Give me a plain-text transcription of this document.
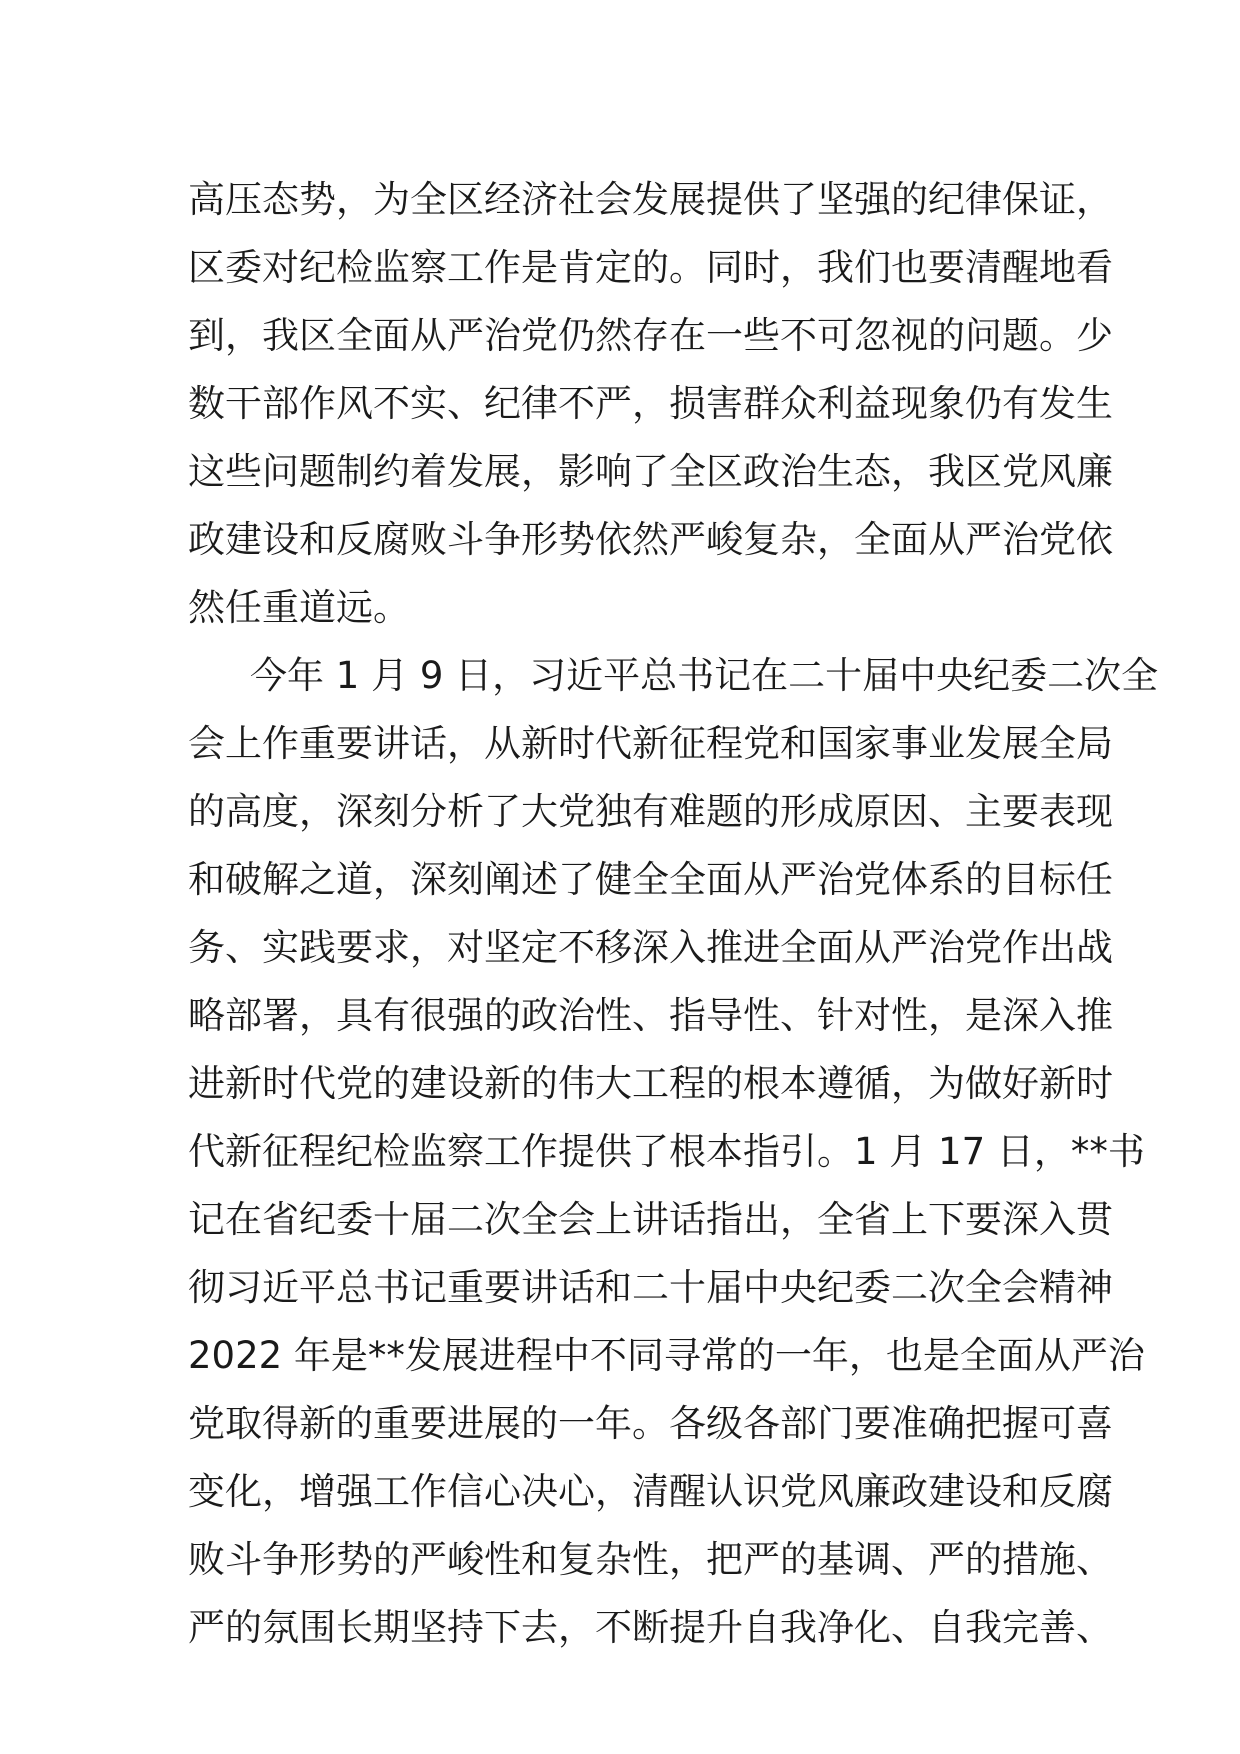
高压态势，为全区经济社会发展提供了坚强的纪律保证，
区委对纪检监察工作是肯定的。同时，我们也要清醒地看
到，我区全面从严治党仍然存在一些不可忽视的问题。少
数干部作风不实、纪律不严，损害群众利益现象仍有发生
这些问题制约着发展，影响了全区政治生态，我区党风廉
政建设和反腐败斗争形势依然严峻复杂，全面从严治党依
然任重道远。
今年 1 月 9 日，习近平总书记在二十届中央纪委二次全
会上作重要讲话，从新时代新征程党和国家事业发展全局
的高度，深刻分析了大党独有难题的形成原因、主要表现
和破解之道，深刻阐述了健全全面从严治党体系的目标任
务、实践要求，对坚定不移深入推进全面从严治党作出战
略部署，具有很强的政治性、指导性、针对性，是深入推
进新时代党的建设新的伟大工程的根本遵循，为做好新时
代新征程纪检监察工作提供了根本指引。1 月 17 日，**书
记在省纪委十届二次全会上讲话指出，全省上下要深入贯
彻习近平总书记重要讲话和二十届中央纪委二次全会精神
2022 年是**发展进程中不同寻常的一年，也是全面从严治
党取得新的重要进展的一年。各级各部门要准确把握可喜
变化，增强工作信心决心，清醒认识党风廉政建设和反腐
败斗争形势的严峻性和复杂性，把严的基调、严的措施、
严的氛围长期坚持下去，不断提升自我净化、自我完善、
